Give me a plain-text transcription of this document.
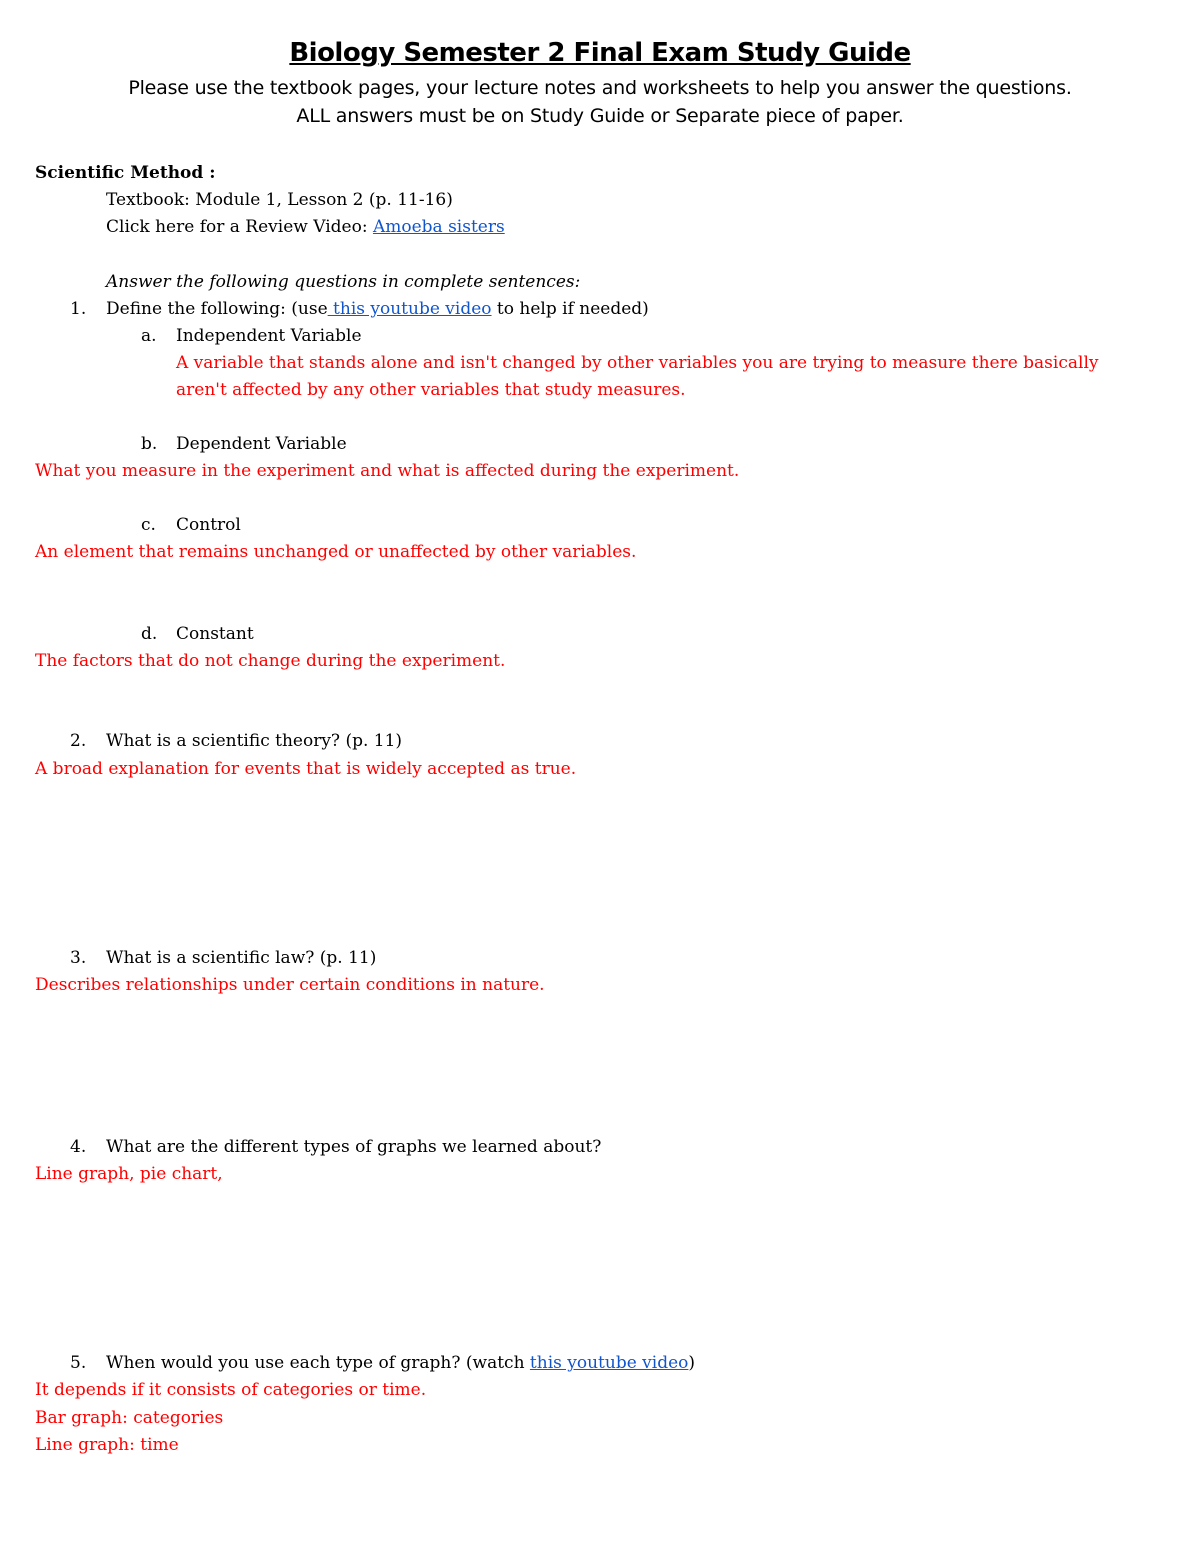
Biology Semester 2 Final Exam Study Guide
Please use the textbook pages, your lecture notes and worksheets to help you answer the questions.
ALL answers must be on Study Guide or Separate piece of paper.
Scientific Method :
Textbook: Module 1, Lesson 2 (p. 11-16)
Click here for a Review Video: Amoeba sisters
Answer the following questions in complete sentences:
1. Define the following: (use this youtube video to help if needed)
a. Independent Variable
A variable that stands alone and isn't changed by other variables you are trying to measure there basically
aren't affected by any other variables that study measures.
b. Dependent Variable
What you measure in the experiment and what is affected during the experiment.
c. Control
An element that remains unchanged or unaffected by other variables.
d. Constant
The factors that do not change during the experiment.
2. What is a scientific theory? (p. 11)
A broad explanation for events that is widely accepted as true.
3. What is a scientific law? (p. 11)
Describes relationships under certain conditions in nature.
4. What are the different types of graphs we learned about?
Line graph, pie chart,
5. When would you use each type of graph? (watch this youtube video)
It depends if it consists of categories or time.
Bar graph: categories
Line graph: time
